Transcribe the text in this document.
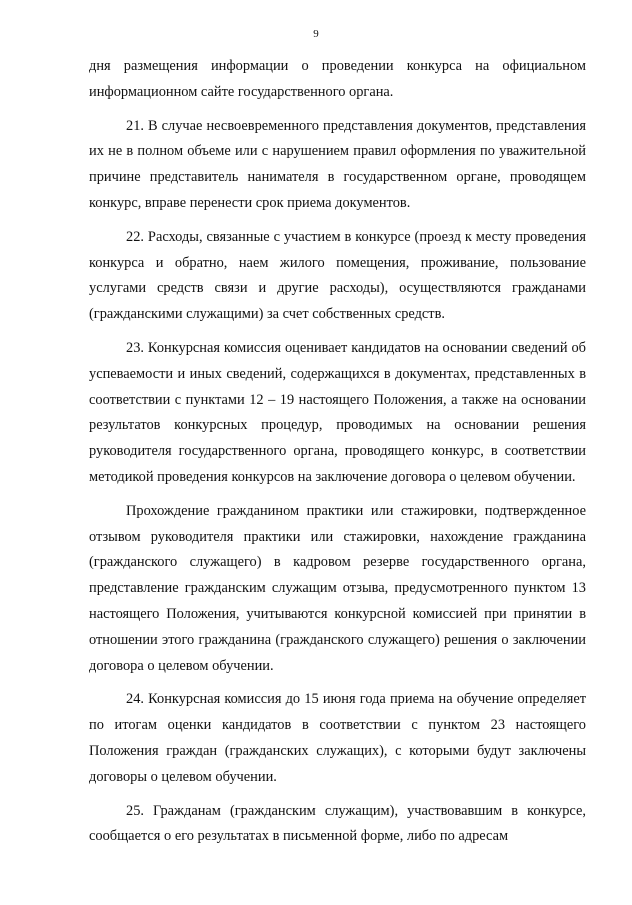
9

дня размещения информации о проведении конкурса на официальном информационном сайте государственного органа.

21. В случае несвоевременного представления документов, представления их не в полном объеме или с нарушением правил оформления по уважительной причине представитель нанимателя в государственном органе, проводящем конкурс, вправе перенести срок приема документов.

22. Расходы, связанные с участием в конкурсе (проезд к месту проведения конкурса и обратно, наем жилого помещения, проживание, пользование услугами средств связи и другие расходы), осуществляются гражданами (гражданскими служащими) за счет собственных средств.

23. Конкурсная комиссия оценивает кандидатов на основании сведений об успеваемости и иных сведений, содержащихся в документах, представленных в соответствии с пунктами 12 – 19 настоящего Положения, а также на основании результатов конкурсных процедур, проводимых на основании решения руководителя государственного органа, проводящего конкурс, в соответствии методикой проведения конкурсов на заключение договора о целевом обучении.

Прохождение гражданином практики или стажировки, подтвержденное отзывом руководителя практики или стажировки, нахождение гражданина (гражданского служащего) в кадровом резерве государственного органа, представление гражданским служащим отзыва, предусмотренного пунктом 13 настоящего Положения, учитываются конкурсной комиссией при принятии в отношении этого гражданина (гражданского служащего) решения о заключении договора о целевом обучении.

24. Конкурсная комиссия до 15 июня года приема на обучение определяет по итогам оценки кандидатов в соответствии с пунктом 23 настоящего Положения граждан (гражданских служащих), с которыми будут заключены договоры о целевом обучении.

25. Гражданам (гражданским служащим), участвовавшим в конкурсе, сообщается о его результатах в письменной форме, либо по адресам
